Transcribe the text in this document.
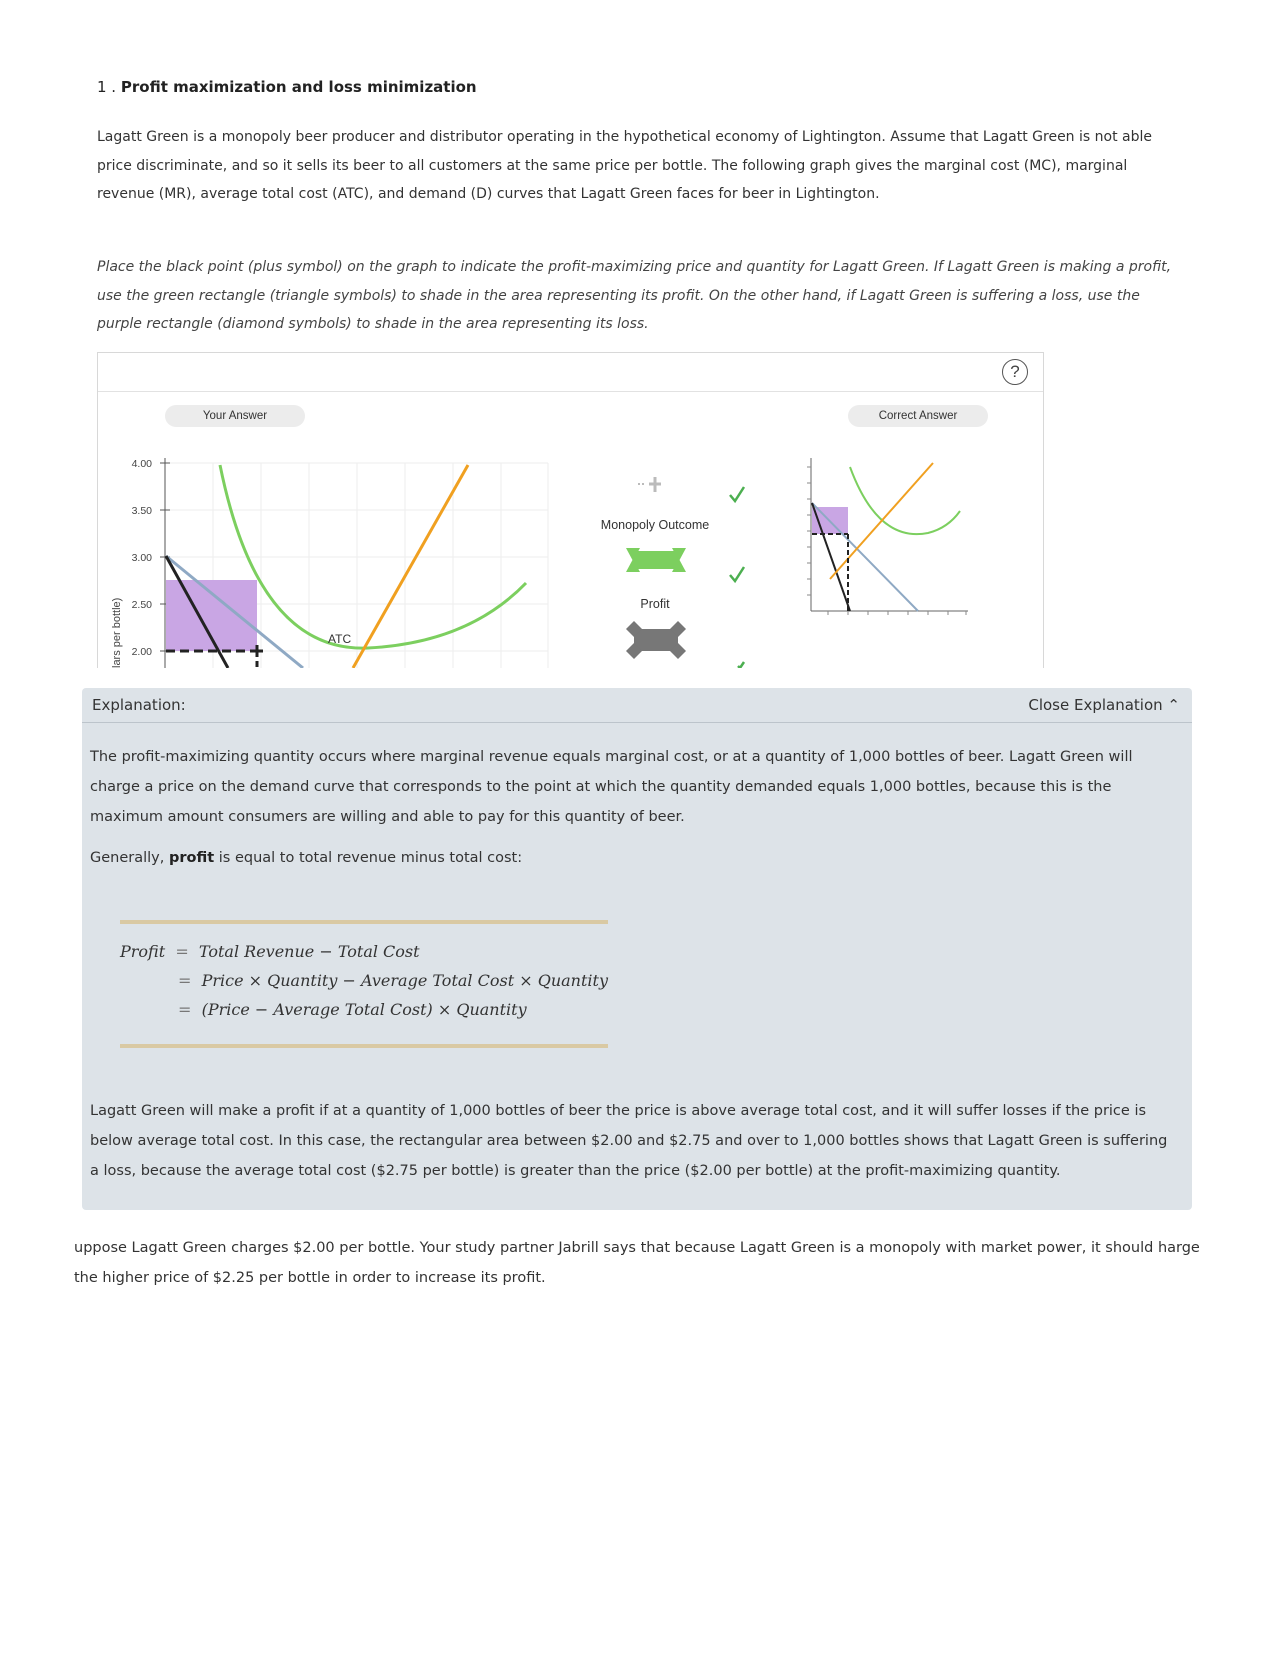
1 . Profit maximization and loss minimization
Lagatt Green is a monopoly beer producer and distributor operating in the hypothetical economy of Lightington. Assume that Lagatt Green is not able price discriminate, and so it sells its beer to all customers at the same price per bottle. The following graph gives the marginal cost (MC), marginal revenue (MR), average total cost (ATC), and demand (D) curves that Lagatt Green faces for beer in Lightington.
Place the black point (plus symbol) on the graph to indicate the profit-maximizing price and quantity for Lagatt Green. If Lagatt Green is making a profit, use the green rectangle (triangle symbols) to shade in the area representing its profit. On the other hand, if Lagatt Green is suffering a loss, use the purple rectangle (diamond symbols) to shade in the area representing its loss.
?
Your Answer	Correct Answer
4.00
3.50
3.00
2.50
2.00
lars per bottle)	ATC
Monopoly Outcome
Profit
Explanation:	Close Explanation ⌃
The profit-maximizing quantity occurs where marginal revenue equals marginal cost, or at a quantity of 1,000 bottles of beer. Lagatt Green will charge a price on the demand curve that corresponds to the point at which the quantity demanded equals 1,000 bottles, because this is the maximum amount consumers are willing and able to pay for this quantity of beer.
Generally, profit is equal to total revenue minus total cost:
Profit = Total Revenue − Total Cost
= Price × Quantity − Average Total Cost × Quantity
= (Price − Average Total Cost) × Quantity
Lagatt Green will make a profit if at a quantity of 1,000 bottles of beer the price is above average total cost, and it will suffer losses if the price is below average total cost. In this case, the rectangular area between $2.00 and $2.75 and over to 1,000 bottles shows that Lagatt Green is suffering a loss, because the average total cost ($2.75 per bottle) is greater than the price ($2.00 per bottle) at the profit-maximizing quantity.
uppose Lagatt Green charges $2.00 per bottle. Your study partner Jabrill says that because Lagatt Green is a monopoly with market power, it should harge the higher price of $2.25 per bottle in order to increase its profit.
